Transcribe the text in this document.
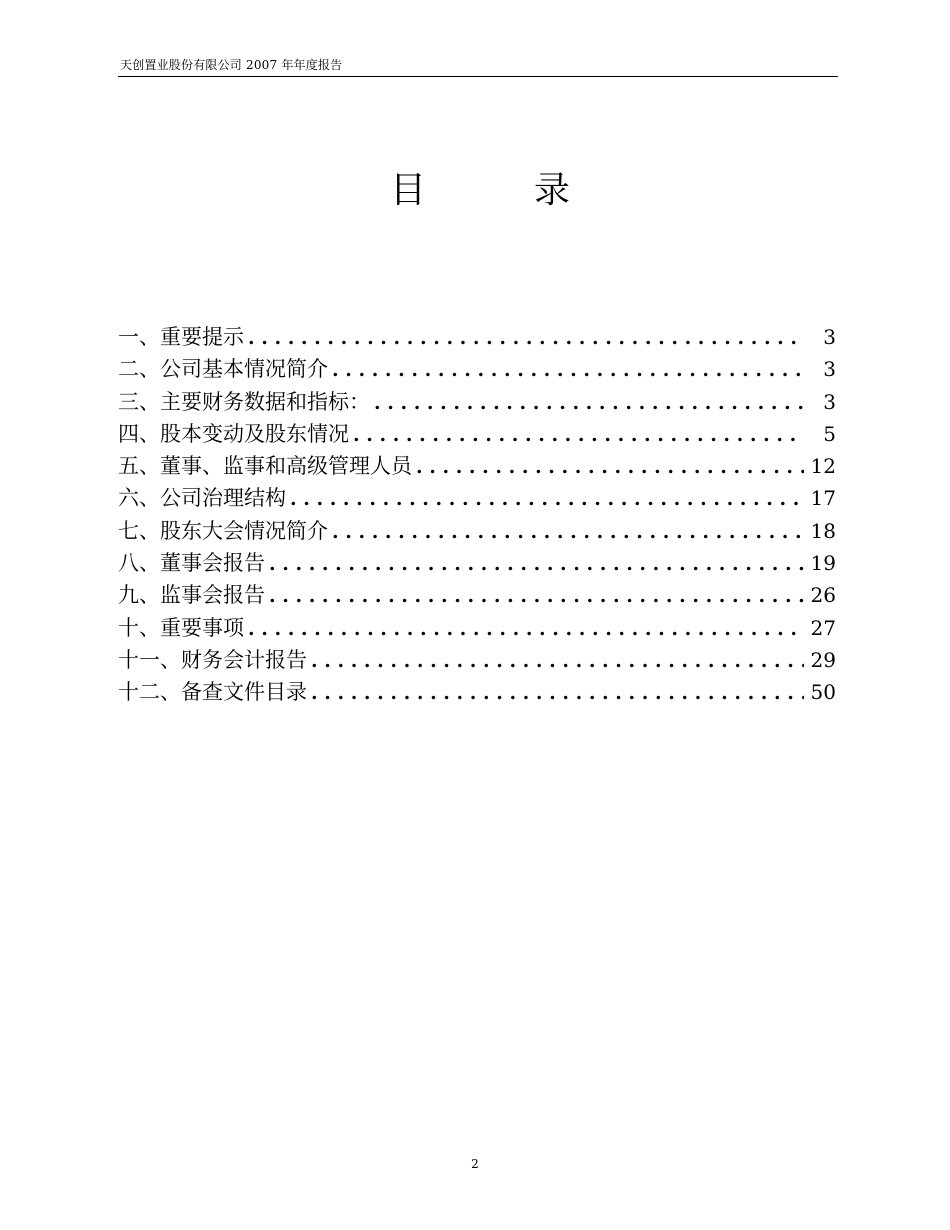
天创置业股份有限公司 2007 年年度报告
目　　　录
一、重要提示 . . .	3
二、公司基本情况简介 . . .	3
三、主要财务数据和指标： . . .	3
四、股本变动及股东情况 . . .	5
五、董事、监事和高级管理人员 . . .	12
六、公司治理结构 . . .	17
七、股东大会情况简介 . . .	18
八、董事会报告 . . .	19
九、监事会报告 . . .	26
十、重要事项 . . .	27
十一、财务会计报告 . . .	29
十二、备查文件目录 . . .	50
2
